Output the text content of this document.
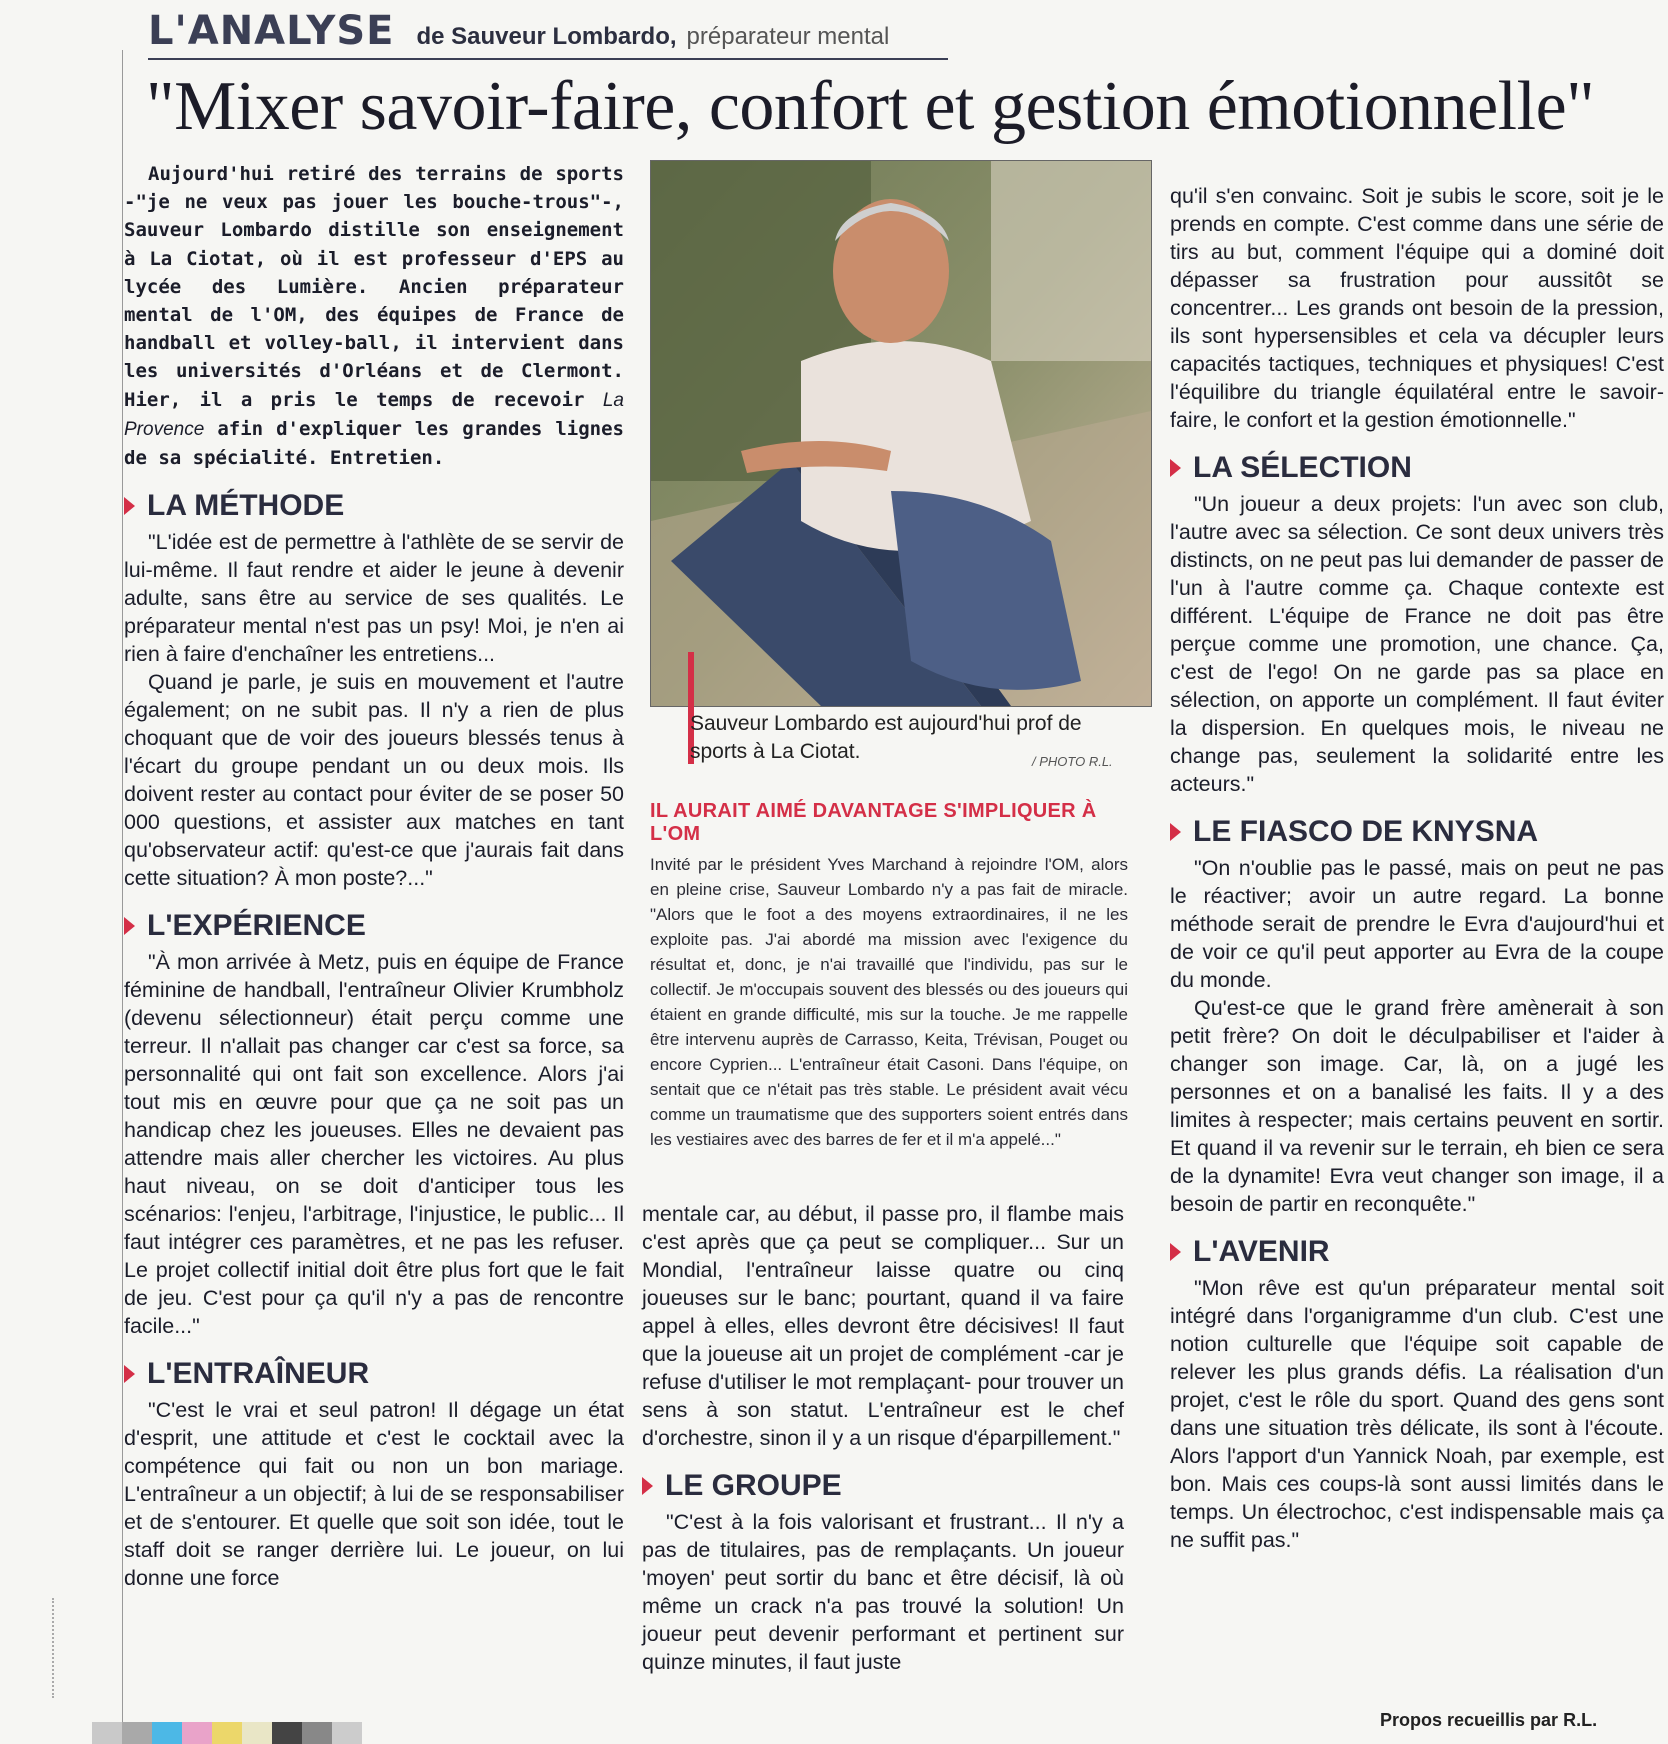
L'ANALYSE de Sauveur Lombardo, préparateur mental
"Mixer savoir-faire, confort et gestion émotionnelle"

Aujourd'hui retiré des terrains de sports -"je ne veux pas jouer les bouche-trous"-, Sauveur Lombardo distille son enseignement à La Ciotat, où il est professeur d'EPS au lycée des Lumière. Ancien préparateur mental de l'OM, des équipes de France de handball et volley-ball, il intervient dans les universités d'Orléans et de Clermont. Hier, il a pris le temps de recevoir La Provence afin d'expliquer les grandes lignes de sa spécialité. Entretien.

LA MÉTHODE

"L'idée est de permettre à l'athlète de se servir de lui-même. Il faut rendre et aider le jeune à devenir adulte, sans être au service de ses qualités. Le préparateur mental n'est pas un psy! Moi, je n'en ai rien à faire d'enchaîner les entretiens...

Quand je parle, je suis en mouvement et l'autre également; on ne subit pas. Il n'y a rien de plus choquant que de voir des joueurs blessés tenus à l'écart du groupe pendant un ou deux mois. Ils doivent rester au contact pour éviter de se poser 50 000 questions, et assister aux matches en tant qu'observateur actif: qu'est-ce que j'aurais fait dans cette situation? À mon poste?..."

L'EXPÉRIENCE

"À mon arrivée à Metz, puis en équipe de France féminine de handball, l'entraîneur Olivier Krumbholz (devenu sélectionneur) était perçu comme une terreur. Il n'allait pas changer car c'est sa force, sa personnalité qui ont fait son excellence. Alors j'ai tout mis en œuvre pour que ça ne soit pas un handicap chez les joueuses. Elles ne devaient pas attendre mais aller chercher les victoires. Au plus haut niveau, on se doit d'anticiper tous les scénarios: l'enjeu, l'arbitrage, l'injustice, le public... Il faut intégrer ces paramètres, et ne pas les refuser. Le projet collectif initial doit être plus fort que le fait de jeu. C'est pour ça qu'il n'y a pas de rencontre facile..."

L'ENTRAÎNEUR

"C'est le vrai et seul patron! Il dégage un état d'esprit, une attitude et c'est le cocktail avec la compétence qui fait ou non un bon mariage. L'entraîneur a un objectif; à lui de se responsabiliser et de s'entourer. Et quelle que soit son idée, tout le staff doit se ranger derrière lui. Le joueur, on lui donne une force

Sauveur Lombardo est aujourd'hui prof de sports à La Ciotat.	/ PHOTO R.L.
IL AURAIT AIMÉ DAVANTAGE S'IMPLIQUER À L'OM

Invité par le président Yves Marchand à rejoindre l'OM, alors en pleine crise, Sauveur Lombardo n'y a pas fait de miracle. "Alors que le foot a des moyens extraordinaires, il ne les exploite pas. J'ai abordé ma mission avec l'exigence du résultat et, donc, je n'ai travaillé que l'individu, pas sur le collectif. Je m'occupais souvent des blessés ou des joueurs qui étaient en grande difficulté, mis sur la touche. Je me rappelle être intervenu auprès de Carrasso, Keita, Trévisan, Pouget ou encore Cyprien... L'entraîneur était Casoni. Dans l'équipe, on sentait que ce n'était pas très stable. Le président avait vécu comme un traumatisme que des supporters soient entrés dans les vestiaires avec des barres de fer et il m'a appelé..."

mentale car, au début, il passe pro, il flambe mais c'est après que ça peut se compliquer... Sur un Mondial, l'entraîneur laisse quatre ou cinq joueuses sur le banc; pourtant, quand il va faire appel à elles, elles devront être décisives! Il faut que la joueuse ait un projet de complément -car je refuse d'utiliser le mot remplaçant- pour trouver un sens à son statut. L'entraîneur est le chef d'orchestre, sinon il y a un risque d'éparpillement."

LE GROUPE

"C'est à la fois valorisant et frustrant... Il n'y a pas de titulaires, pas de remplaçants. Un joueur 'moyen' peut sortir du banc et être décisif, là où même un crack n'a pas trouvé la solution! Un joueur peut devenir performant et pertinent sur quinze minutes, il faut juste

qu'il s'en convainc. Soit je subis le score, soit je le prends en compte. C'est comme dans une série de tirs au but, comment l'équipe qui a dominé doit dépasser sa frustration pour aussitôt se concentrer... Les grands ont besoin de la pression, ils sont hypersensibles et cela va décupler leurs capacités tactiques, techniques et physiques! C'est l'équilibre du triangle équilatéral entre le savoir-faire, le confort et la gestion émotionnelle."

LA SÉLECTION

"Un joueur a deux projets: l'un avec son club, l'autre avec sa sélection. Ce sont deux univers très distincts, on ne peut pas lui demander de passer de l'un à l'autre comme ça. Chaque contexte est différent. L'équipe de France ne doit pas être perçue comme une promotion, une chance. Ça, c'est de l'ego! On ne garde pas sa place en sélection, on apporte un complément. Il faut éviter la dispersion. En quelques mois, le niveau ne change pas, seulement la solidarité entre les acteurs."

LE FIASCO DE KNYSNA

"On n'oublie pas le passé, mais on peut ne pas le réactiver; avoir un autre regard. La bonne méthode serait de prendre le Evra d'aujourd'hui et de voir ce qu'il peut apporter au Evra de la coupe du monde.

Qu'est-ce que le grand frère amènerait à son petit frère? On doit le déculpabiliser et l'aider à changer son image. Car, là, on a jugé les personnes et on a banalisé les faits. Il y a des limites à respecter; mais certains peuvent en sortir. Et quand il va revenir sur le terrain, eh bien ce sera de la dynamite! Evra veut changer son image, il a besoin de partir en reconquête."

L'AVENIR

"Mon rêve est qu'un préparateur mental soit intégré dans l'organigramme d'un club. C'est une notion culturelle que l'équipe soit capable de relever les plus grands défis. La réalisation d'un projet, c'est le rôle du sport. Quand des gens sont dans une situation très délicate, ils sont à l'écoute. Alors l'apport d'un Yannick Noah, par exemple, est bon. Mais ces coups-là sont aussi limités dans le temps. Un électrochoc, c'est indispensable mais ça ne suffit pas."

Propos recueillis par R.L.
